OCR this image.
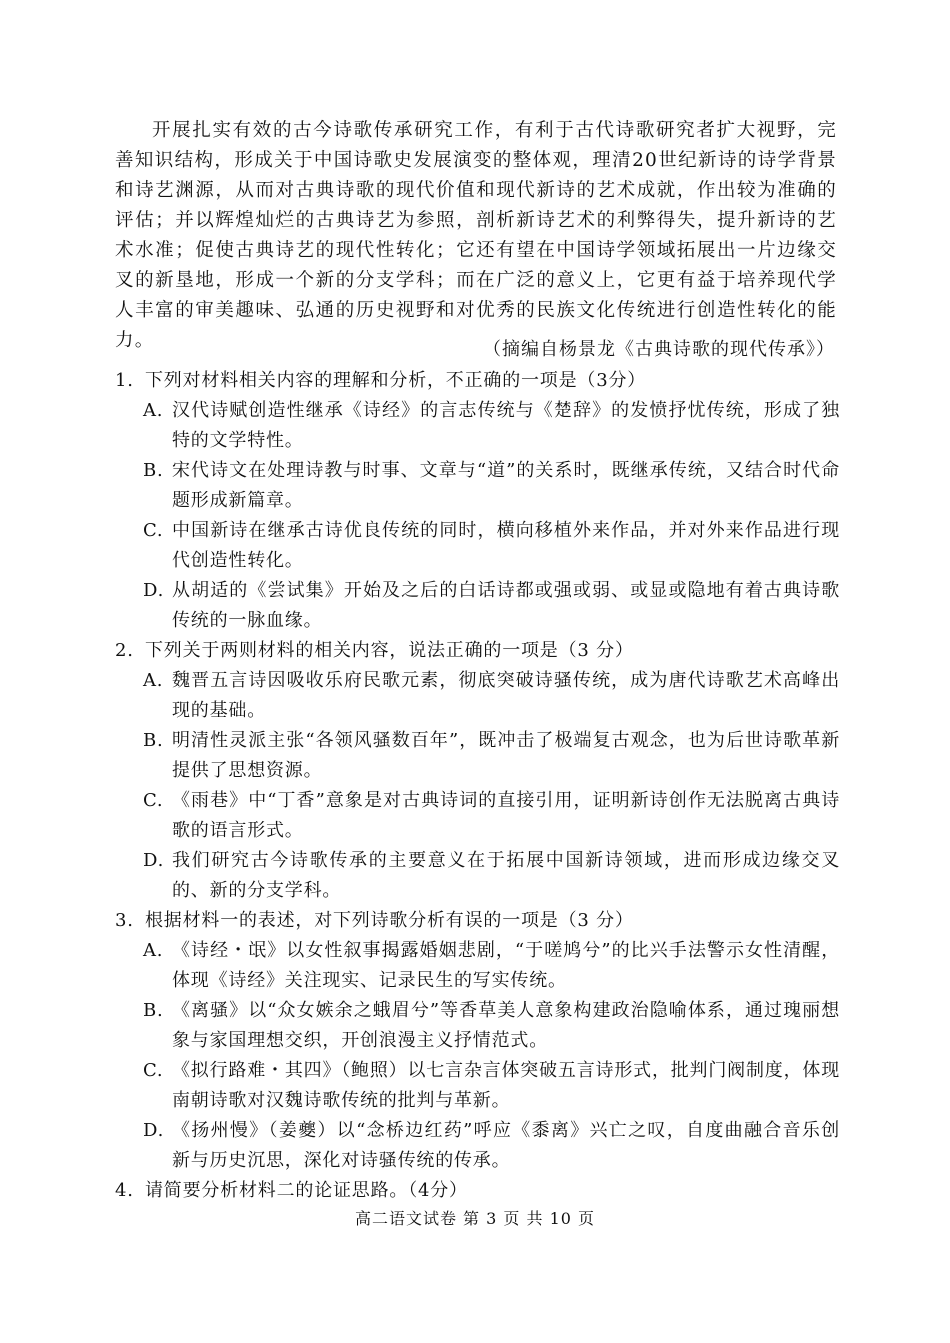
开展扎实有效的古今诗歌传承研究工作，有利于古代诗歌研究者扩大视野，完善知识结构，形成关于中国诗歌史发展演变的整体观，理清20世纪新诗的诗学背景和诗艺渊源，从而对古典诗歌的现代价值和现代新诗的艺术成就，作出较为准确的评估；并以辉煌灿烂的古典诗艺为参照，剖析新诗艺术的利弊得失，提升新诗的艺术水准；促使古典诗艺的现代性转化；它还有望在中国诗学领域拓展出一片边缘交叉的新垦地，形成一个新的分支学科；而在广泛的意义上，它更有益于培养现代学人丰富的审美趣味、弘通的历史视野和对优秀的民族文化传统进行创造性转化的能力。	（摘编自杨景龙《古典诗歌的现代传承》）

1. 下列对材料相关内容的理解和分析，不正确的一项是（3分）
A. 汉代诗赋创造性继承《诗经》的言志传统与《楚辞》的发愤抒忧传统，形成了独特的文学特性。
B. 宋代诗文在处理诗教与时事、文章与“道”的关系时，既继承传统，又结合时代命题形成新篇章。
C. 中国新诗在继承古诗优良传统的同时，横向移植外来作品，并对外来作品进行现代创造性转化。
D. 从胡适的《尝试集》开始及之后的白话诗都或强或弱、或显或隐地有着古典诗歌传统的一脉血缘。
2. 下列关于两则材料的相关内容，说法正确的一项是（3 分）
A. 魏晋五言诗因吸收乐府民歌元素，彻底突破诗骚传统，成为唐代诗歌艺术高峰出现的基础。
B. 明清性灵派主张“各领风骚数百年”，既冲击了极端复古观念，也为后世诗歌革新提供了思想资源。
C. 《雨巷》中“丁香”意象是对古典诗词的直接引用，证明新诗创作无法脱离古典诗歌的语言形式。
D. 我们研究古今诗歌传承的主要意义在于拓展中国新诗领域，进而形成边缘交叉的、新的分支学科。
3. 根据材料一的表述，对下列诗歌分析有误的一项是（3 分）
A. 《诗经・氓》以女性叙事揭露婚姻悲剧，“于嗟鸠兮”的比兴手法警示女性清醒，体现《诗经》关注现实、记录民生的写实传统。
B. 《离骚》以“众女嫉余之蛾眉兮”等香草美人意象构建政治隐喻体系，通过瑰丽想象与家国理想交织，开创浪漫主义抒情范式。
C. 《拟行路难・其四》（鲍照）以七言杂言体突破五言诗形式，批判门阀制度，体现南朝诗歌对汉魏诗歌传统的批判与革新。
D. 《扬州慢》（姜夔）以“念桥边红药”呼应《黍离》兴亡之叹，自度曲融合音乐创新与历史沉思，深化对诗骚传统的传承。
4. 请简要分析材料二的论证思路。（4分）
高二语文试卷 第 3 页 共 10 页
